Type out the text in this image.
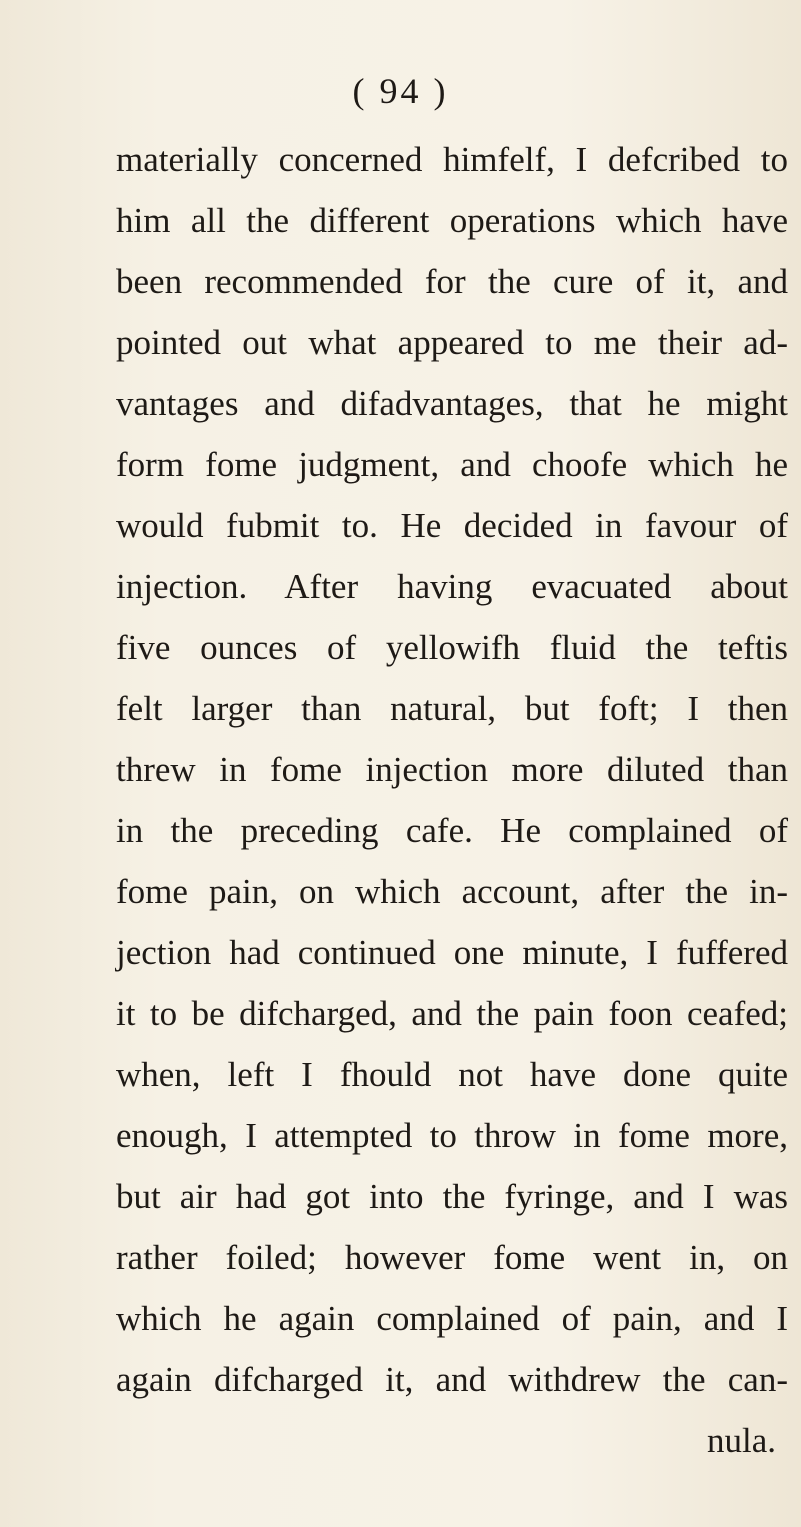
( 94 )
materially concerned himfelf, I defcribed to
him all the different operations which have
been recommended for the cure of it, and
pointed out what appeared to me their ad-
vantages and difadvantages, that he might
form fome judgment, and choofe which he
would fubmit to. He decided in favour of
injection. After having evacuated about
five ounces of yellowifh fluid the teftis
felt larger than natural, but foft; I then
threw in fome injection more diluted than
in the preceding cafe. He complained of
fome pain, on which account, after the in-
jection had continued one minute, I fuffered
it to be difcharged, and the pain foon ceafed;
when, left I fhould not have done quite
enough, I attempted to throw in fome more,
but air had got into the fyringe, and I was
rather foiled; however fome went in, on
which he again complained of pain, and I
again difcharged it, and withdrew the can-
nula.
